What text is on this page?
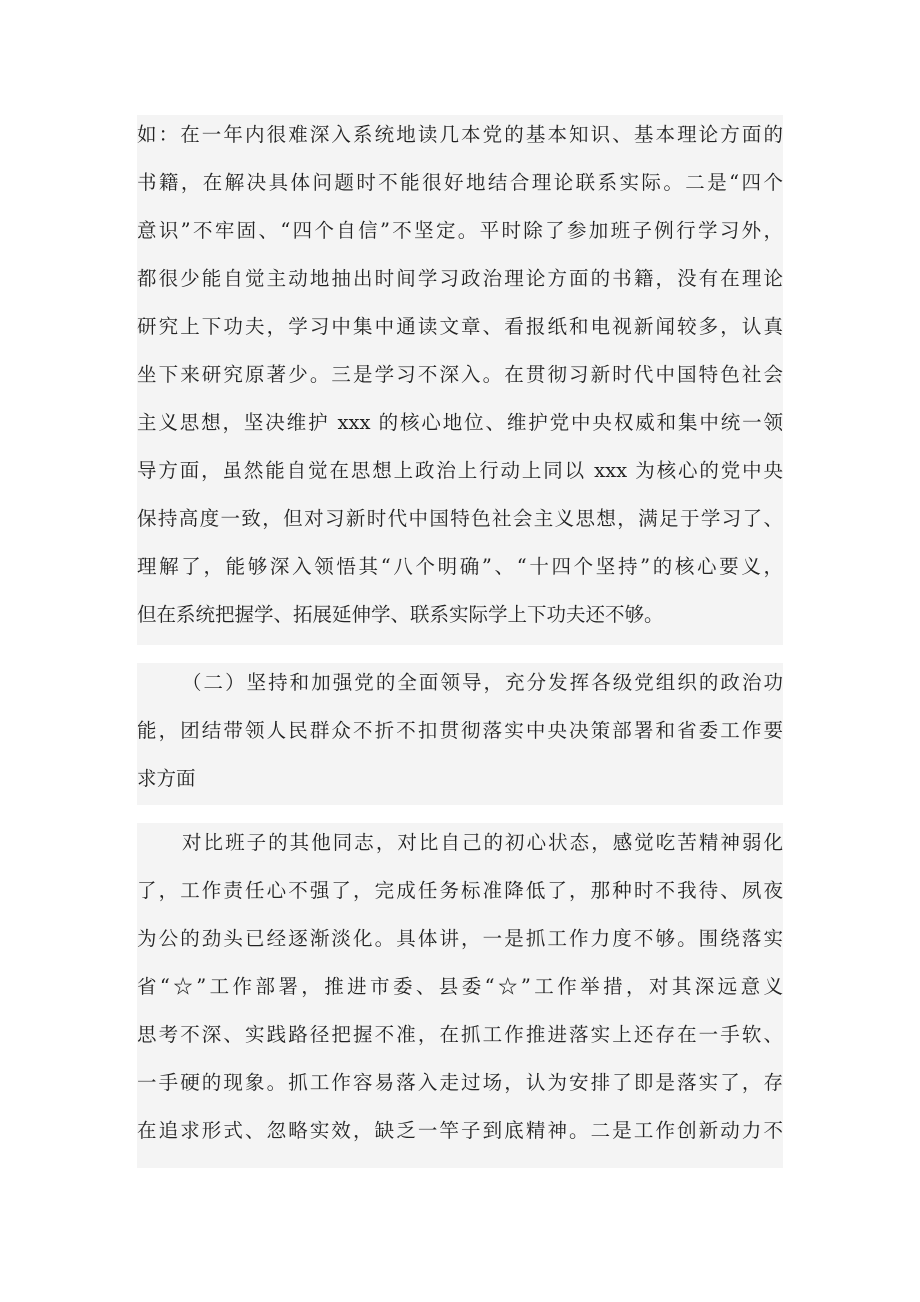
如：在一年内很难深入系统地读几本党的基本知识、基本理论方面的
书籍，在解决具体问题时不能很好地结合理论联系实际。二是“四个
意识”不牢固、“四个自信”不坚定。平时除了参加班子例行学习外，
都很少能自觉主动地抽出时间学习政治理论方面的书籍，没有在理论
研究上下功夫，学习中集中通读文章、看报纸和电视新闻较多，认真
坐下来研究原著少。三是学习不深入。在贯彻习新时代中国特色社会
主义思想，坚决维护 xxx 的核心地位、维护党中央权威和集中统一领
导方面，虽然能自觉在思想上政治上行动上同以 xxx 为核心的党中央
保持高度一致，但对习新时代中国特色社会主义思想，满足于学习了、
理解了，能够深入领悟其“八个明确”、“十四个坚持”的核心要义，
但在系统把握学、拓展延伸学、联系实际学上下功夫还不够。
（二）坚持和加强党的全面领导，充分发挥各级党组织的政治功
能，团结带领人民群众不折不扣贯彻落实中央决策部署和省委工作要
求方面
对比班子的其他同志，对比自己的初心状态，感觉吃苦精神弱化
了，工作责任心不强了，完成任务标准降低了，那种时不我待、夙夜
为公的劲头已经逐渐淡化。具体讲，一是抓工作力度不够。围绕落实
省“☆”工作部署，推进市委、县委“☆”工作举措，对其深远意义
思考不深、实践路径把握不准，在抓工作推进落实上还存在一手软、
一手硬的现象。抓工作容易落入走过场，认为安排了即是落实了，存
在追求形式、忽略实效，缺乏一竿子到底精神。二是工作创新动力不
